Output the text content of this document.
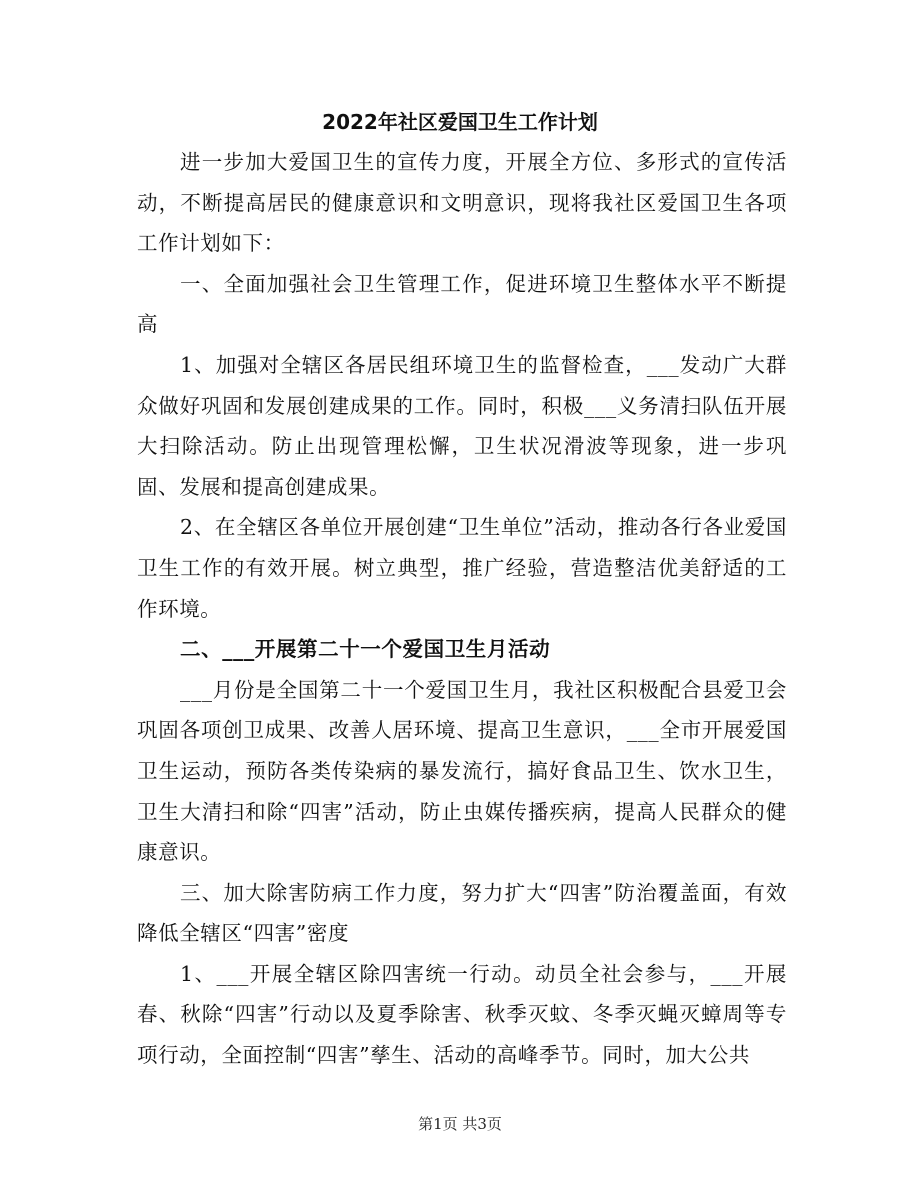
2022年社区爱国卫生工作计划

进一步加大爱国卫生的宣传力度，开展全方位、多形式的宣传活动，不断提高居民的健康意识和文明意识，现将我社区爱国卫生各项工作计划如下：

一、全面加强社会卫生管理工作，促进环境卫生整体水平不断提高

1、加强对全辖区各居民组环境卫生的监督检查，___发动广大群众做好巩固和发展创建成果的工作。同时，积极___义务清扫队伍开展大扫除活动。防止出现管理松懈，卫生状况滑波等现象，进一步巩固、发展和提高创建成果。

2、在全辖区各单位开展创建“卫生单位”活动，推动各行各业爱国卫生工作的有效开展。树立典型，推广经验，营造整洁优美舒适的工作环境。

二、___开展第二十一个爱国卫生月活动

___月份是全国第二十一个爱国卫生月，我社区积极配合县爱卫会巩固各项创卫成果、改善人居环境、提高卫生意识，___全市开展爱国卫生运动，预防各类传染病的暴发流行，搞好食品卫生、饮水卫生，卫生大清扫和除“四害”活动，防止虫媒传播疾病，提高人民群众的健康意识。

三、加大除害防病工作力度，努力扩大“四害”防治覆盖面，有效降低全辖区“四害”密度

1、___开展全辖区除四害统一行动。动员全社会参与，___开展春、秋除“四害”行动以及夏季除害、秋季灭蚊、冬季灭蝇灭蟑周等专项行动，全面控制“四害”孳生、活动的高峰季节。同时，加大公共

第1页 共3页
